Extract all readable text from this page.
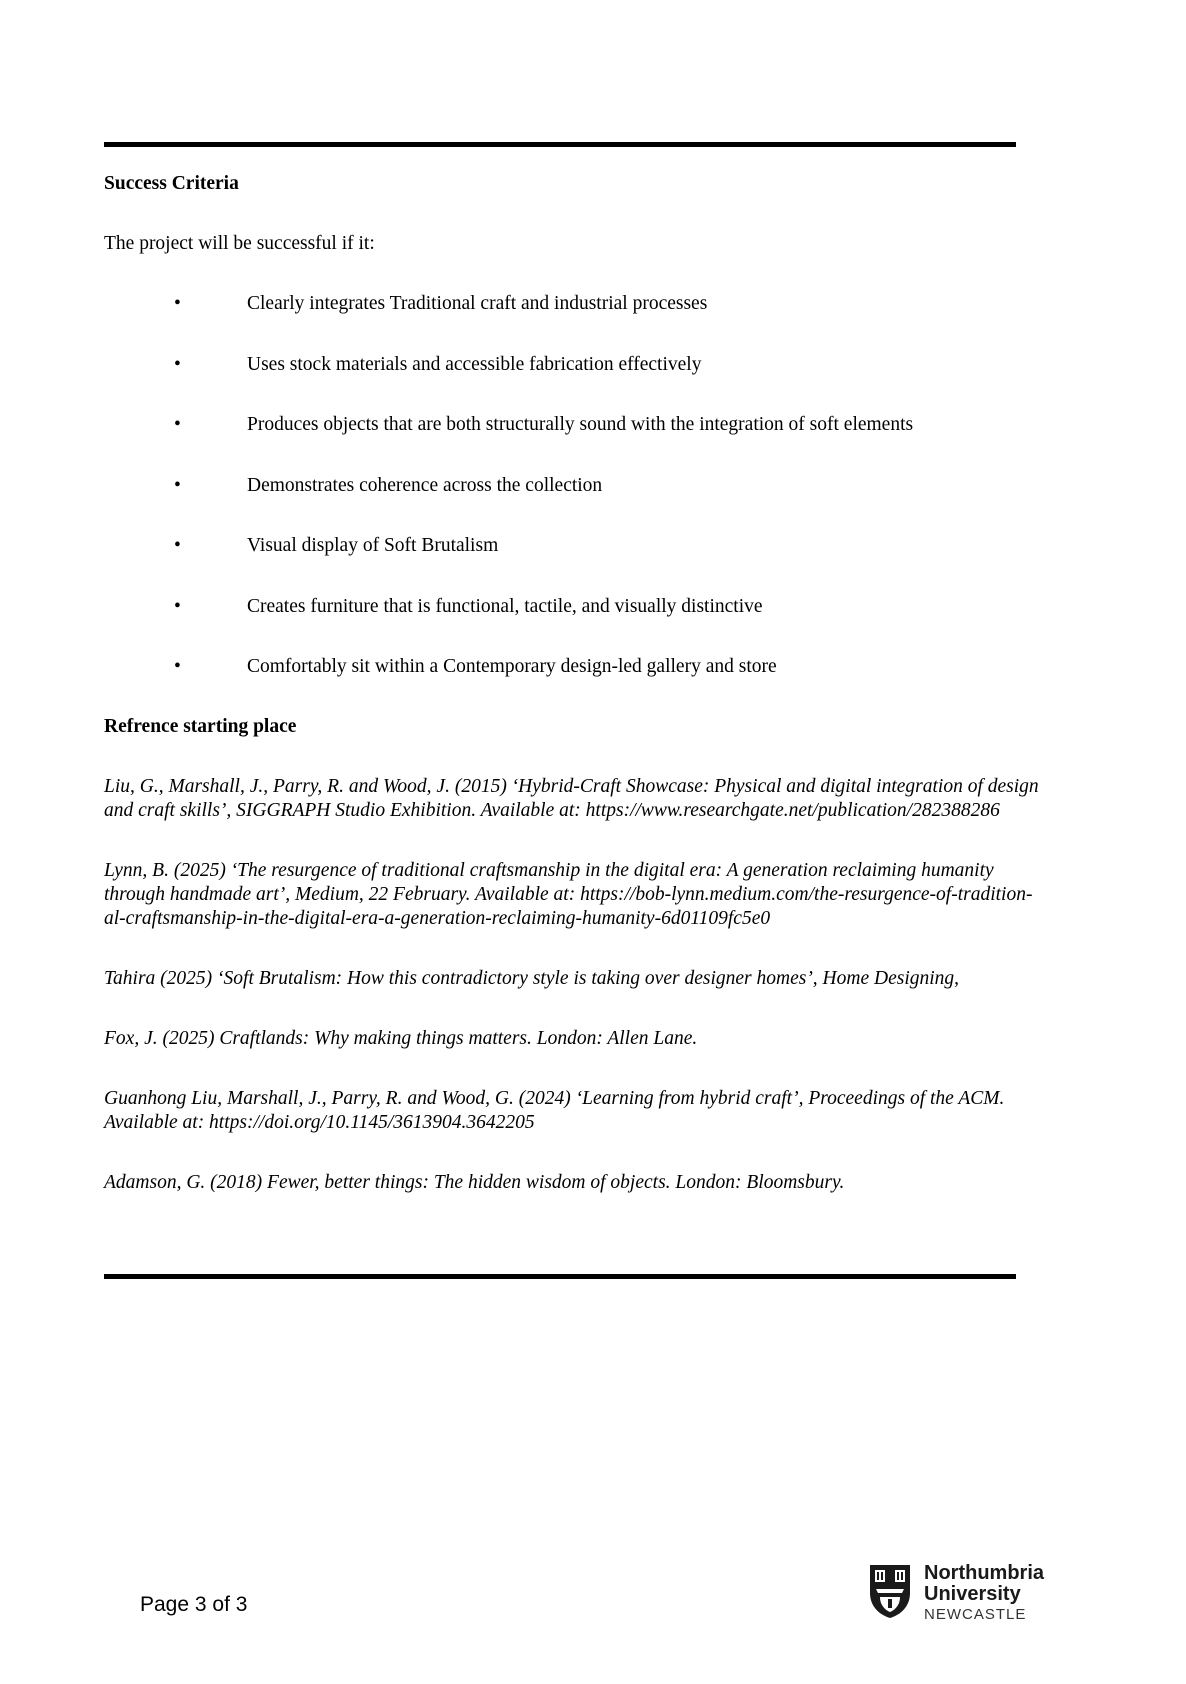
Success Criteria

The project will be successful if it:

•	Clearly integrates Traditional craft and industrial processes
•	Uses stock materials and accessible fabrication effectively
•	Produces objects that are both structurally sound with the integration of soft elements
•	Demonstrates coherence across the collection
•	Visual display of Soft Brutalism
•	Creates furniture that is functional, tactile, and visually distinctive
•	Comfortably sit within a Contemporary design-led gallery and store

Refrence starting place

Liu, G., Marshall, J., Parry, R. and Wood, J. (2015) ‘Hybrid-Craft Showcase: Physical and digital integration of design
and craft skills’, SIGGRAPH Studio Exhibition. Available at: https://www.researchgate.net/publication/282388286

Lynn, B. (2025) ‘The resurgence of traditional craftsmanship in the digital era: A generation reclaiming humanity
through handmade art’, Medium, 22 February. Available at: https://bob-lynn.medium.com/the-resurgence-of-tradition-
al-craftsmanship-in-the-digital-era-a-generation-reclaiming-humanity-6d01109fc5e0

Tahira (2025) ‘Soft Brutalism: How this contradictory style is taking over designer homes’, Home Designing,

Fox, J. (2025) Craftlands: Why making things matters. London: Allen Lane.

Guanhong Liu, Marshall, J., Parry, R. and Wood, G. (2024) ‘Learning from hybrid craft’, Proceedings of the ACM.
Available at: https://doi.org/10.1145/3613904.3642205

Adamson, G. (2018) Fewer, better things: The hidden wisdom of objects. London: Bloomsbury.

Page 3 of 3
Northumbria
University
NEWCASTLE
